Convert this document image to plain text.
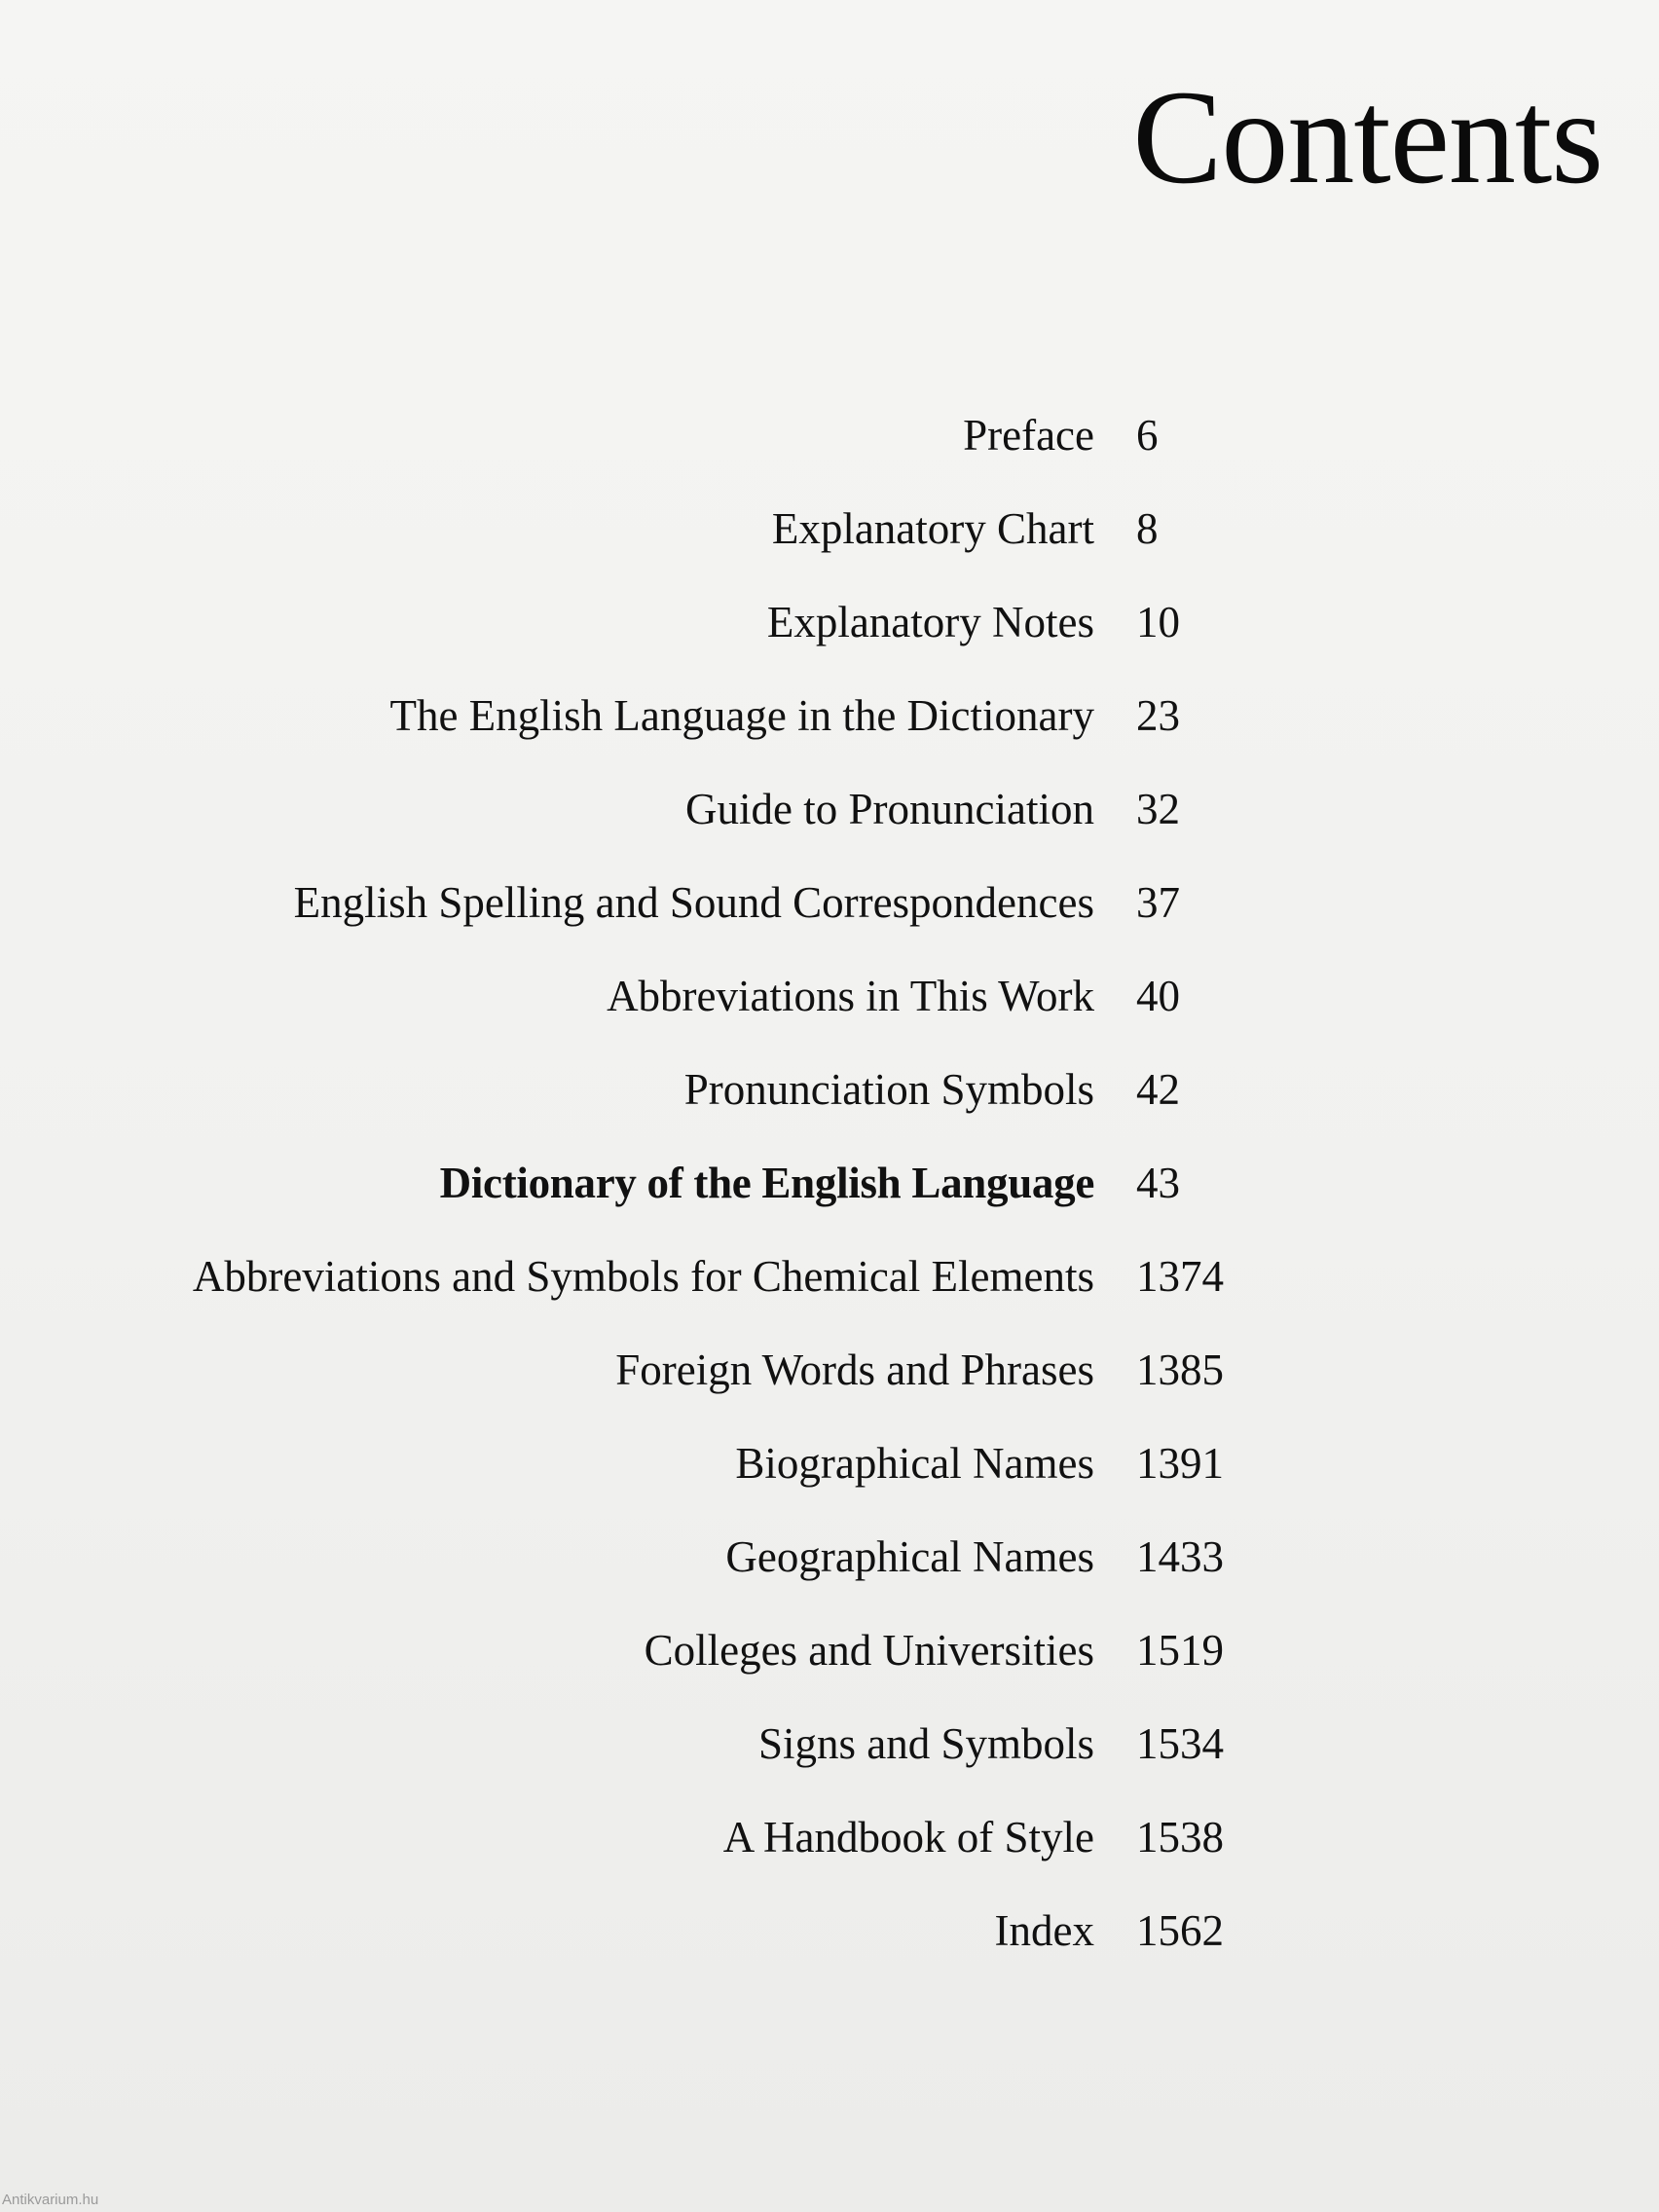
Contents
Preface 6
Explanatory Chart 8
Explanatory Notes 10
The English Language in the Dictionary 23
Guide to Pronunciation 32
English Spelling and Sound Correspondences 37
Abbreviations in This Work 40
Pronunciation Symbols 42
Dictionary of the English Language 43
Abbreviations and Symbols for Chemical Elements 1374
Foreign Words and Phrases 1385
Biographical Names 1391
Geographical Names 1433
Colleges and Universities 1519
Signs and Symbols 1534
A Handbook of Style 1538
Index 1562
Antikvarium.hu
